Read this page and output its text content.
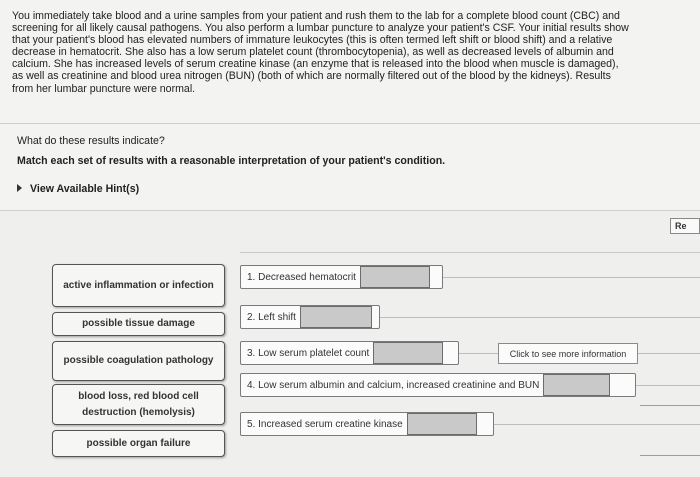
You immediately take blood and a urine samples from your patient and rush them to the lab for a complete blood count (CBC) and

screening for all likely causal pathogens. You also perform a lumbar puncture to analyze your patient's CSF. Your initial results show

that your patient's blood has elevated numbers of immature leukocytes (this is often termed left shift or blood shift) and a relative

decrease in hematocrit. She also has a low serum platelet count (thrombocytopenia), as well as decreased levels of albumin and

calcium. She has increased levels of serum creatine kinase (an enzyme that is released into the blood when muscle is damaged),

as well as creatinine and blood urea nitrogen (BUN) (both of which are normally filtered out of the blood by the kidneys). Results

from her lumbar puncture were normal.

What do these results indicate?
Match each set of results with a reasonable interpretation of your patient's condition.
View Available Hint(s)
Re
active inflammation or infection
possible tissue damage
possible coagulation pathology
blood loss, red blood cell destruction (hemolysis)
possible organ failure
1. Decreased hematocrit
2. Left shift
3. Low serum platelet count	Click to see more information
4. Low serum albumin and calcium, increased creatinine and BUN
5. Increased serum creatine kinase
